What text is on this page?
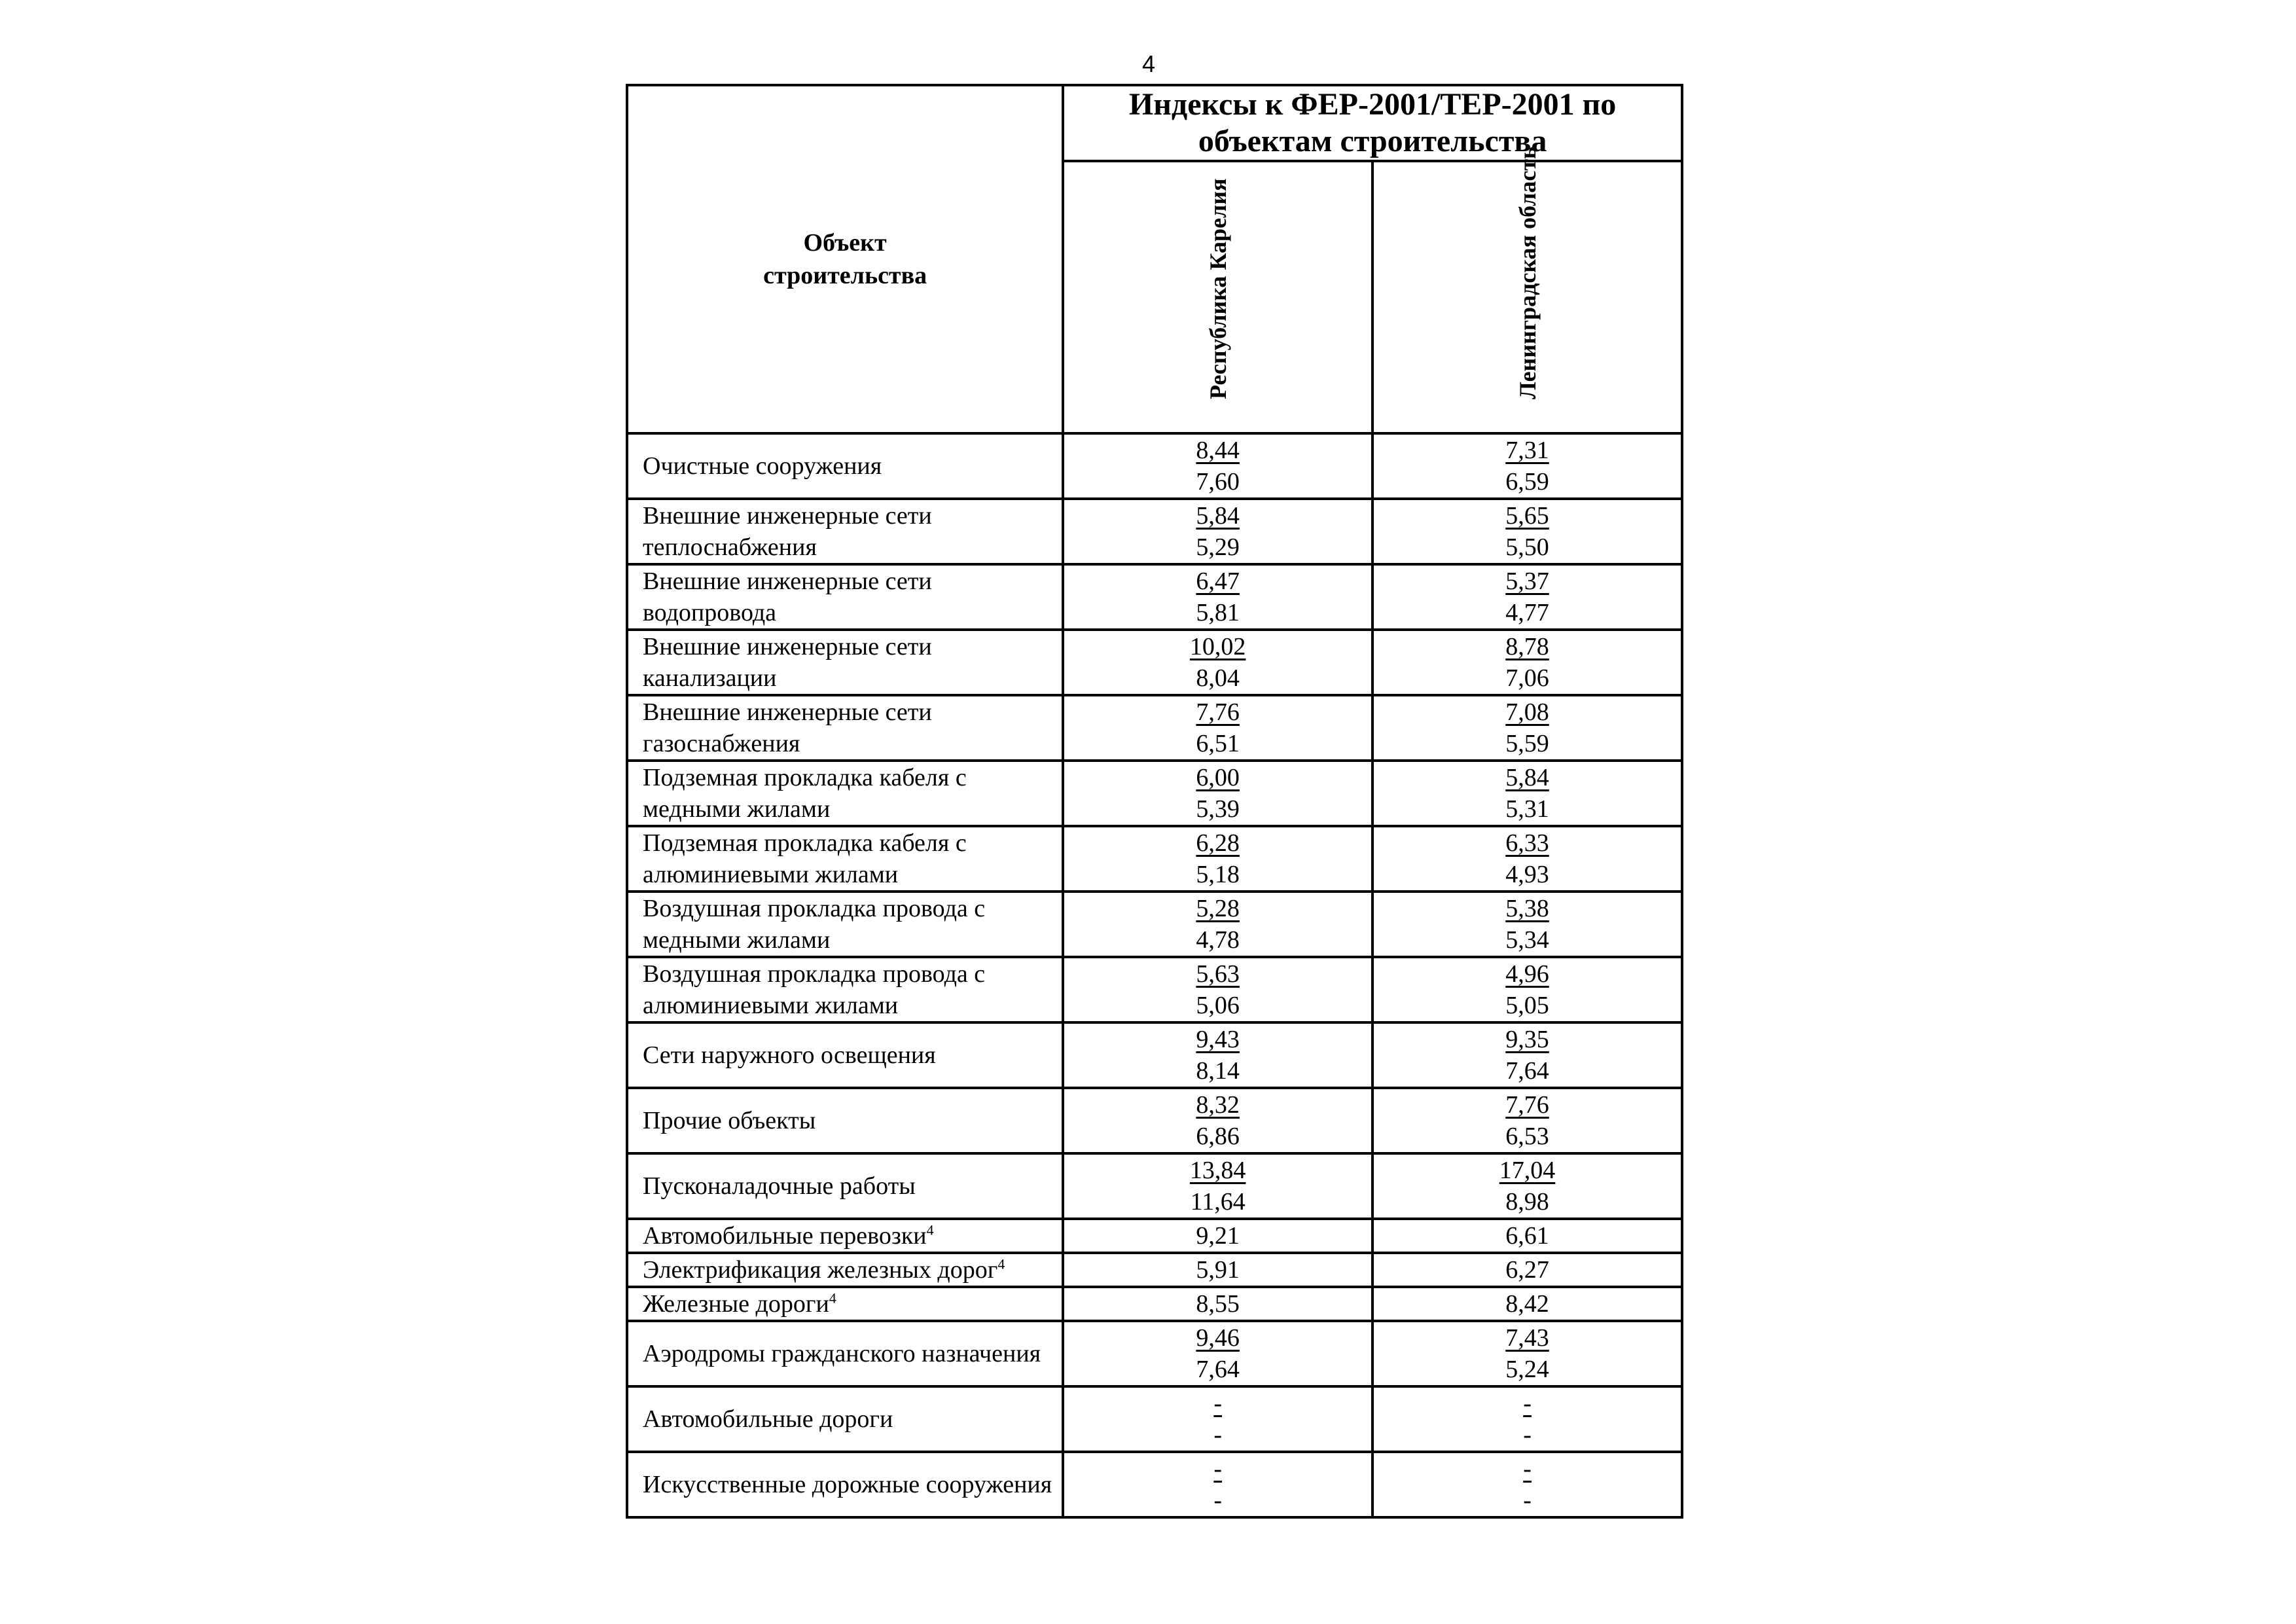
4
Объект
строительства	Индексы к ФЕР-2001/ТЕР-2001 по
объектам строительства	

	Республика Карелия	Ленинградская область

Очистные сооружения	$\frac{8,44}{7,60}$	$\frac{7,31}{6,59}$

Внешние инженерные сети теплоснабжения	$\frac{5,84}{5,29}$	$\frac{5,65}{5,50}$

Внешние инженерные сети водопровода	$\frac{6,47}{5,81}$	$\frac{5,37}{4,77}$

Внешние инженерные сети канализации	$\frac{10,02}{8,04}$	$\frac{8,78}{7,06}$

Внешние инженерные сети газоснабжения	$\frac{7,76}{6,51}$	$\frac{7,08}{5,59}$

Подземная прокладка кабеля с медными жилами	$\frac{6,00}{5,39}$	$\frac{5,84}{5,31}$

Подземная прокладка кабеля с алюминиевыми жилами	$\frac{6,28}{5,18}$	$\frac{6,33}{4,93}$

Воздушная прокладка провода с медными жилами	$\frac{5,28}{4,78}$	$\frac{5,38}{5,34}$

Воздушная прокладка провода с алюминиевыми жилами	$\frac{5,63}{5,06}$	$\frac{4,96}{5,05}$

Сети наружного освещения	$\frac{9,43}{8,14}$	$\frac{9,35}{7,64}$

Прочие объекты	$\frac{8,32}{6,86}$	$\frac{7,76}{6,53}$

Пусконаладочные работы	$\frac{13,84}{11,64}$	$\frac{17,04}{8,98}$

Автомобильные перевозки$^4$	9,21	6,61

Электрификация железных дорог$^4$	5,91	6,27

Железные дороги$^4$	8,55	8,42

Аэродромы гражданского назначения	$\frac{9,46}{7,64}$	$\frac{7,43}{5,24}$

Автомобильные дороги	$\frac{-}{-}$	$\frac{-}{-}$

Искусственные дорожные сооружения	$\frac{-}{-}$	$\frac{-}{-}$
